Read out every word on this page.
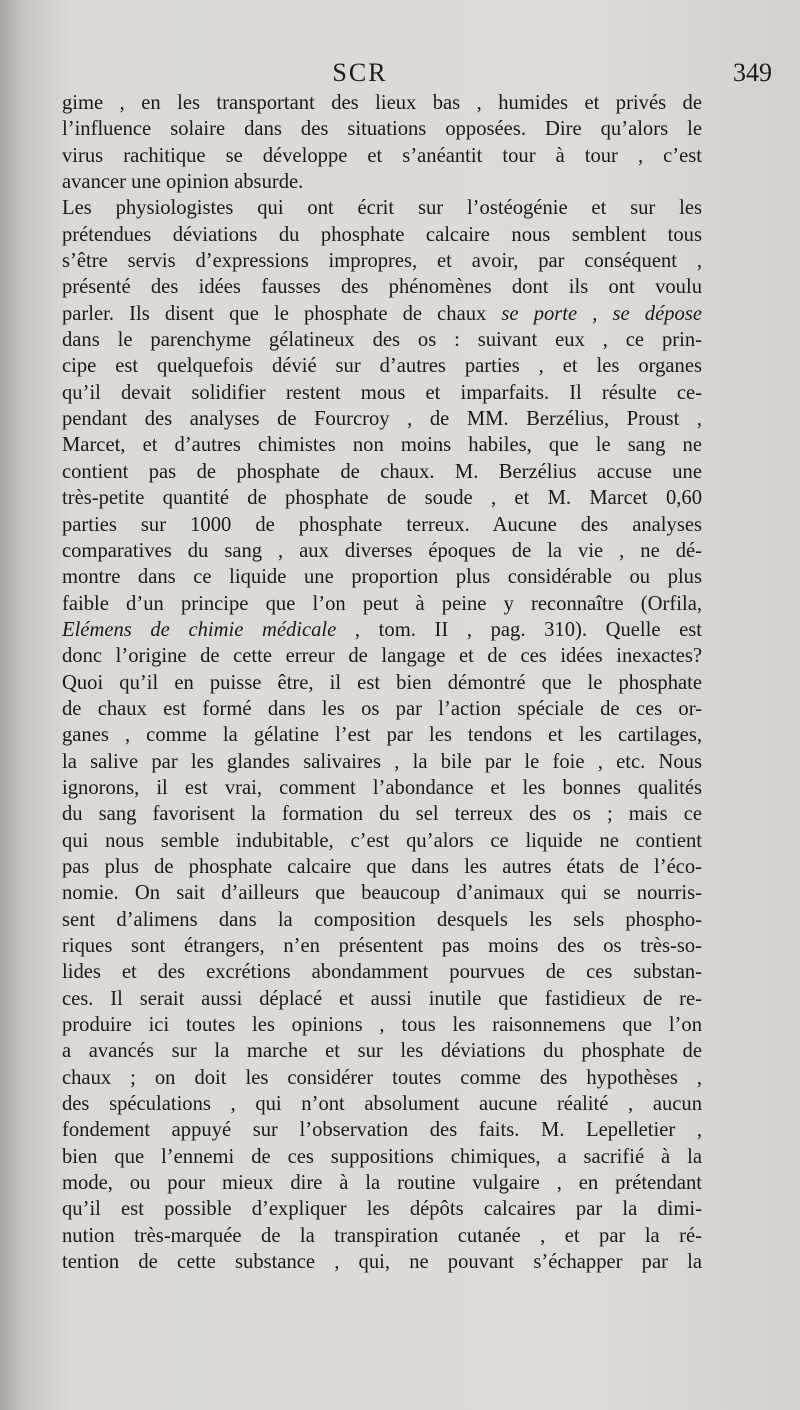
SCR	349
gime , en les transportant des lieux bas , humides et privés de
l’influence solaire dans des situations opposées. Dire qu’alors le
virus rachitique se développe et s’anéantit tour à tour , c’est
avancer une opinion absurde.
Les physiologistes qui ont écrit sur l’ostéogénie et sur les
prétendues déviations du phosphate calcaire nous semblent tous
s’être servis d’expressions impropres, et avoir, par conséquent ,
présenté des idées fausses des phénomènes dont ils ont voulu
parler. Ils disent que le phosphate de chaux se porte , se dépose
dans le parenchyme gélatineux des os : suivant eux , ce prin-
cipe est quelquefois dévié sur d’autres parties , et les organes
qu’il devait solidifier restent mous et imparfaits. Il résulte ce-
pendant des analyses de Fourcroy , de MM. Berzélius, Proust ,
Marcet, et d’autres chimistes non moins habiles, que le sang ne
contient pas de phosphate de chaux. M. Berzélius accuse une
très-petite quantité de phosphate de soude , et M. Marcet 0,60
parties sur 1000 de phosphate terreux. Aucune des analyses
comparatives du sang , aux diverses époques de la vie , ne dé-
montre dans ce liquide une proportion plus considérable ou plus
faible d’un principe que l’on peut à peine y reconnaître (Orfila,
Elémens de chimie médicale , tom. II , pag. 310). Quelle est
donc l’origine de cette erreur de langage et de ces idées inexactes?
Quoi qu’il en puisse être, il est bien démontré que le phosphate
de chaux est formé dans les os par l’action spéciale de ces or-
ganes , comme la gélatine l’est par les tendons et les cartilages,
la salive par les glandes salivaires , la bile par le foie , etc. Nous
ignorons, il est vrai, comment l’abondance et les bonnes qualités
du sang favorisent la formation du sel terreux des os ; mais ce
qui nous semble indubitable, c’est qu’alors ce liquide ne contient
pas plus de phosphate calcaire que dans les autres états de l’éco-
nomie. On sait d’ailleurs que beaucoup d’animaux qui se nourris-
sent d’alimens dans la composition desquels les sels phospho-
riques sont étrangers, n’en présentent pas moins des os très-so-
lides et des excrétions abondamment pourvues de ces substan-
ces. Il serait aussi déplacé et aussi inutile que fastidieux de re-
produire ici toutes les opinions , tous les raisonnemens que l’on
a avancés sur la marche et sur les déviations du phosphate de
chaux ; on doit les considérer toutes comme des hypothèses ,
des spéculations , qui n’ont absolument aucune réalité , aucun
fondement appuyé sur l’observation des faits. M. Lepelletier ,
bien que l’ennemi de ces suppositions chimiques, a sacrifié à la
mode, ou pour mieux dire à la routine vulgaire , en prétendant
qu’il est possible d’expliquer les dépôts calcaires par la dimi-
nution très-marquée de la transpiration cutanée , et par la ré-
tention de cette substance , qui, ne pouvant s’échapper par la
